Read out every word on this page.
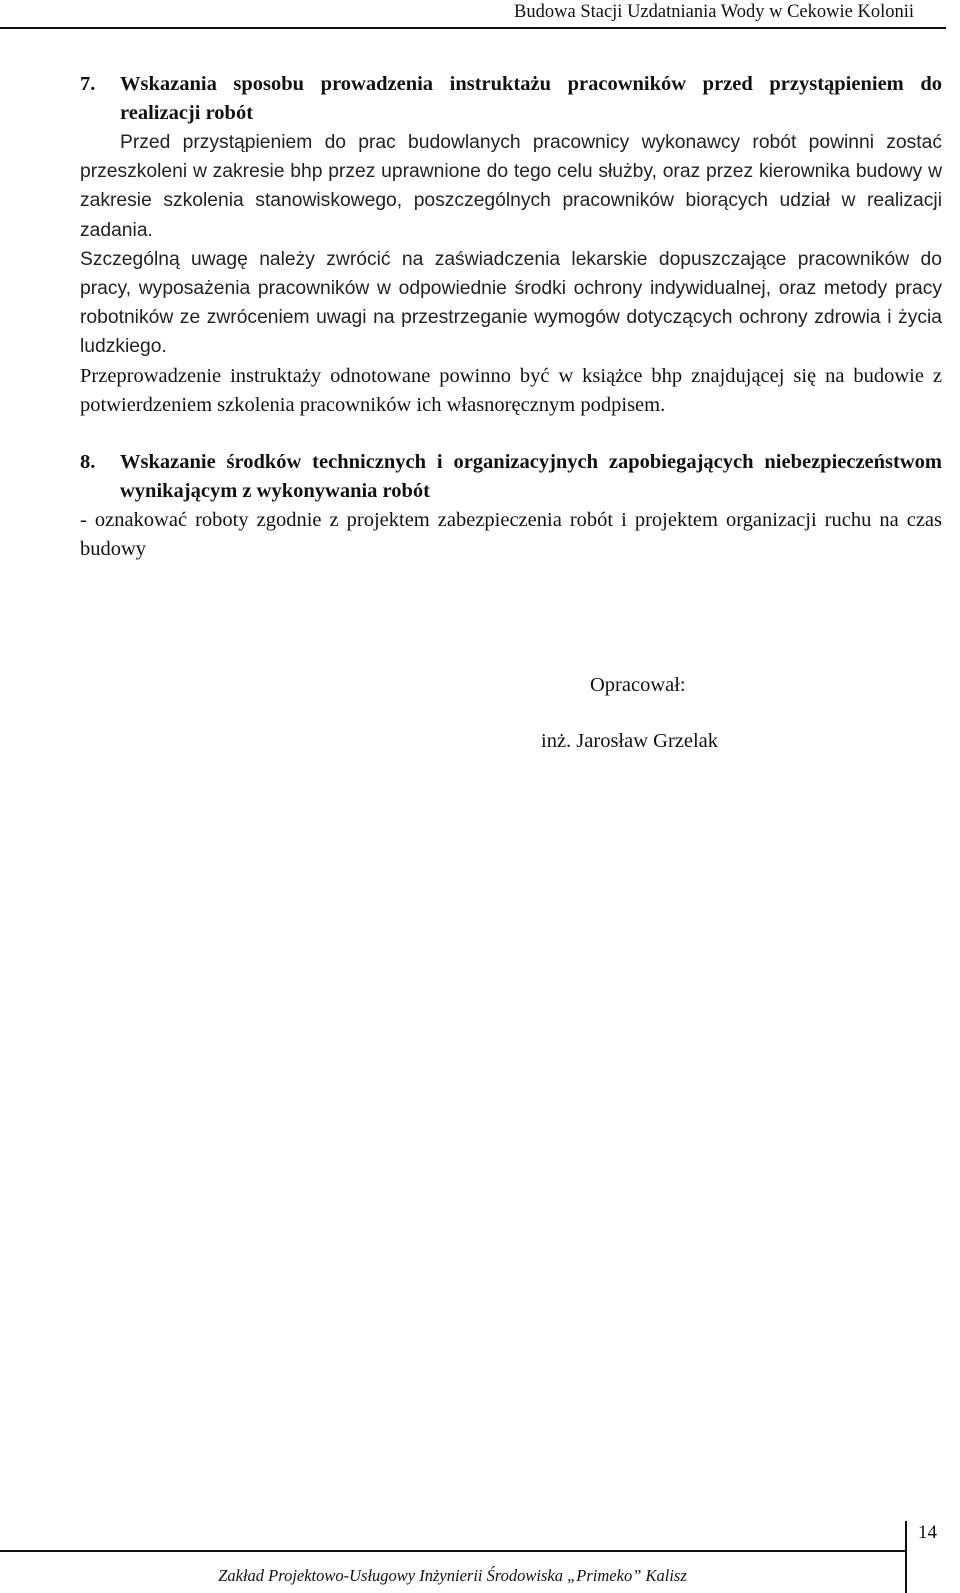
Budowa Stacji Uzdatniania Wody w Cekowie Kolonii
7.	Wskazania sposobu prowadzenia instruktażu pracowników przed przystąpieniem do realizacji robót

Przed przystąpieniem do prac budowlanych pracownicy wykonawcy robót powinni zostać przeszkoleni w zakresie bhp przez uprawnione do tego celu służby, oraz przez kierownika budowy w zakresie szkolenia stanowiskowego, poszczególnych pracowników biorących udział w realizacji zadania.

Szczególną uwagę należy zwrócić na zaświadczenia lekarskie dopuszczające pracowników do pracy, wyposażenia pracowników w odpowiednie środki ochrony indywidualnej, oraz metody pracy robotników ze zwróceniem uwagi na przestrzeganie wymogów dotyczących ochrony zdrowia i życia ludzkiego.

Przeprowadzenie instruktaży odnotowane powinno być w książce bhp znajdującej się na budowie z potwierdzeniem szkolenia pracowników ich własnoręcznym podpisem.

8.	Wskazanie środków technicznych i organizacyjnych zapobiegających niebezpieczeństwom wynikającym z wykonywania robót

- oznakować roboty zgodnie z projektem zabezpieczenia robót i projektem organizacji ruchu na czas budowy

Opracował:
inż. Jarosław Grzelak
14
Zakład Projektowo-Usługowy Inżynierii Środowiska „Primeko” Kalisz
